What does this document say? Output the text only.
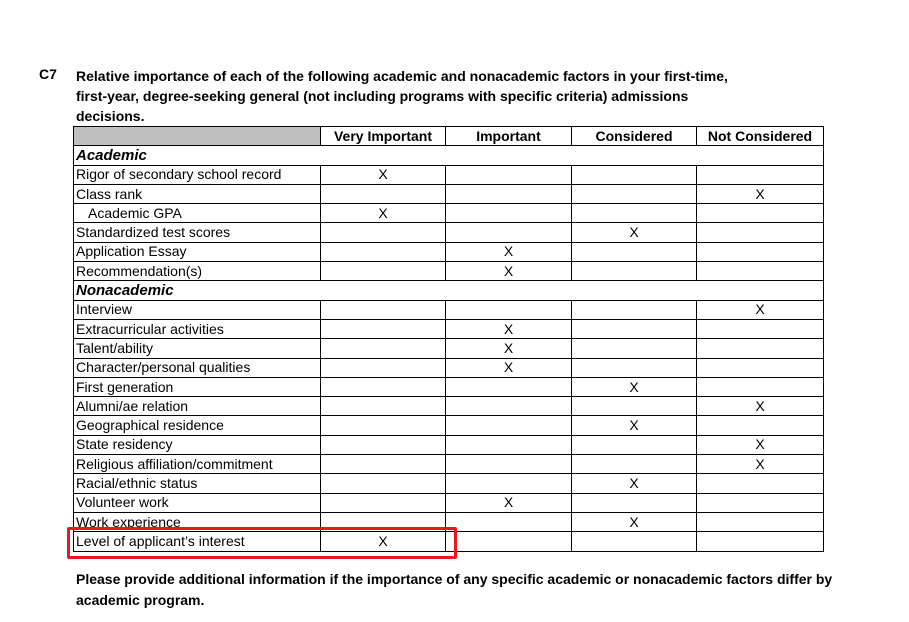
C7 Relative importance of each of the following academic and nonacademic factors in your first-time,
first-year, degree-seeking general (not including programs with specific criteria) admissions
decisions.
	Very Important	Important	Considered	Not Considered
Academic				
Rigor of secondary school record	X			
Class rank				X
Academic GPA	X			
Standardized test scores			X	
Application Essay		X		
Recommendation(s)		X		
Nonacademic				
Interview				X
Extracurricular activities		X		
Talent/ability		X		
Character/personal qualities		X		
First generation			X	
Alumni/ae relation				X
Geographical residence			X	
State residency				X
Religious affiliation/commitment				X
Racial/ethnic status			X	
Volunteer work		X		
Work experience			X	
Level of applicant’s interest	X			
Please provide additional information if the importance of any specific academic or nonacademic factors differ by
academic program.
